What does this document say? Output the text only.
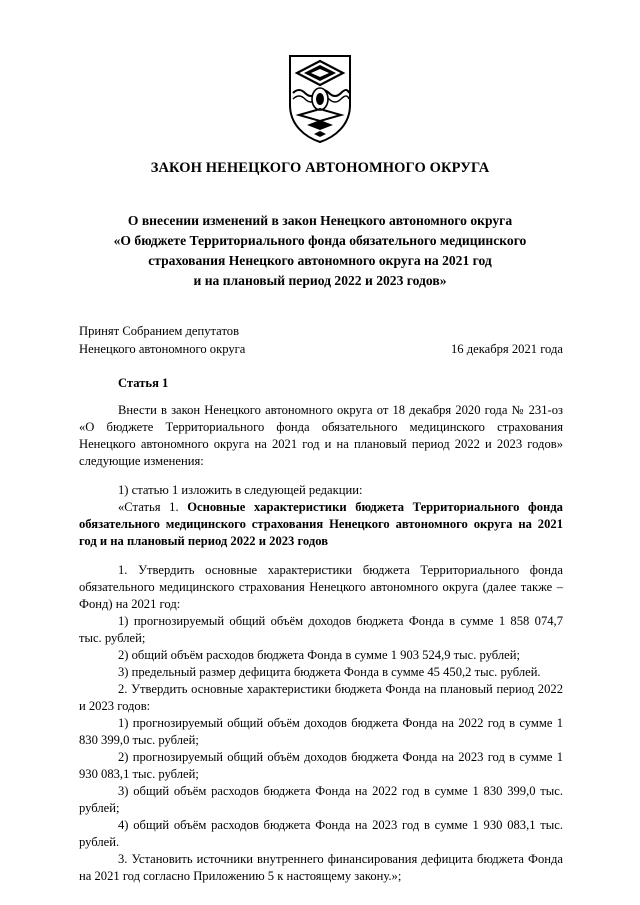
ЗАКОН НЕНЕЦКОГО АВТОНОМНОГО ОКРУГА
О внесении изменений в закон Ненецкого автономного округа
«О бюджете Территориального фонда обязательного медицинского
страхования Ненецкого автономного округа на 2021 год
и на плановый период 2022 и 2023 годов»
Принят Собранием депутатов
Ненецкого автономного округа	16 декабря 2021 года
Статья 1

Внести в закон Ненецкого автономного округа от 18 декабря 2020 года № 231-оз «О бюджете Территориального фонда обязательного медицинского страхования Ненецкого автономного округа на 2021 год и на плановый период 2022 и 2023 годов» следующие изменения:

1) статью 1 изложить в следующей редакции:

«Статья 1. Основные характеристики бюджета Территориального фонда обязательного медицинского страхования Ненецкого автономного округа на 2021 год и на плановый период 2022 и 2023 годов

1. Утвердить основные характеристики бюджета Территориального фонда обязательного медицинского страхования Ненецкого автономного округа (далее также – Фонд) на 2021 год:

1) прогнозируемый общий объём доходов бюджета Фонда в сумме 1 858 074,7 тыс. рублей;

2) общий объём расходов бюджета Фонда в сумме 1 903 524,9 тыс. рублей;

3) предельный размер дефицита бюджета Фонда в сумме 45 450,2 тыс. рублей.

2. Утвердить основные характеристики бюджета Фонда на плановый период 2022 и 2023 годов:

1) прогнозируемый общий объём доходов бюджета Фонда на 2022 год в сумме 1 830 399,0 тыс. рублей;

2) прогнозируемый общий объём доходов бюджета Фонда на 2023 год в сумме 1 930 083,1 тыс. рублей;

3) общий объём расходов бюджета Фонда на 2022 год в сумме 1 830 399,0 тыс. рублей;

4) общий объём расходов бюджета Фонда на 2023 год в сумме 1 930 083,1 тыс. рублей.

3. Установить источники внутреннего финансирования дефицита бюджета Фонда на 2021 год согласно Приложению 5 к настоящему закону.»;
